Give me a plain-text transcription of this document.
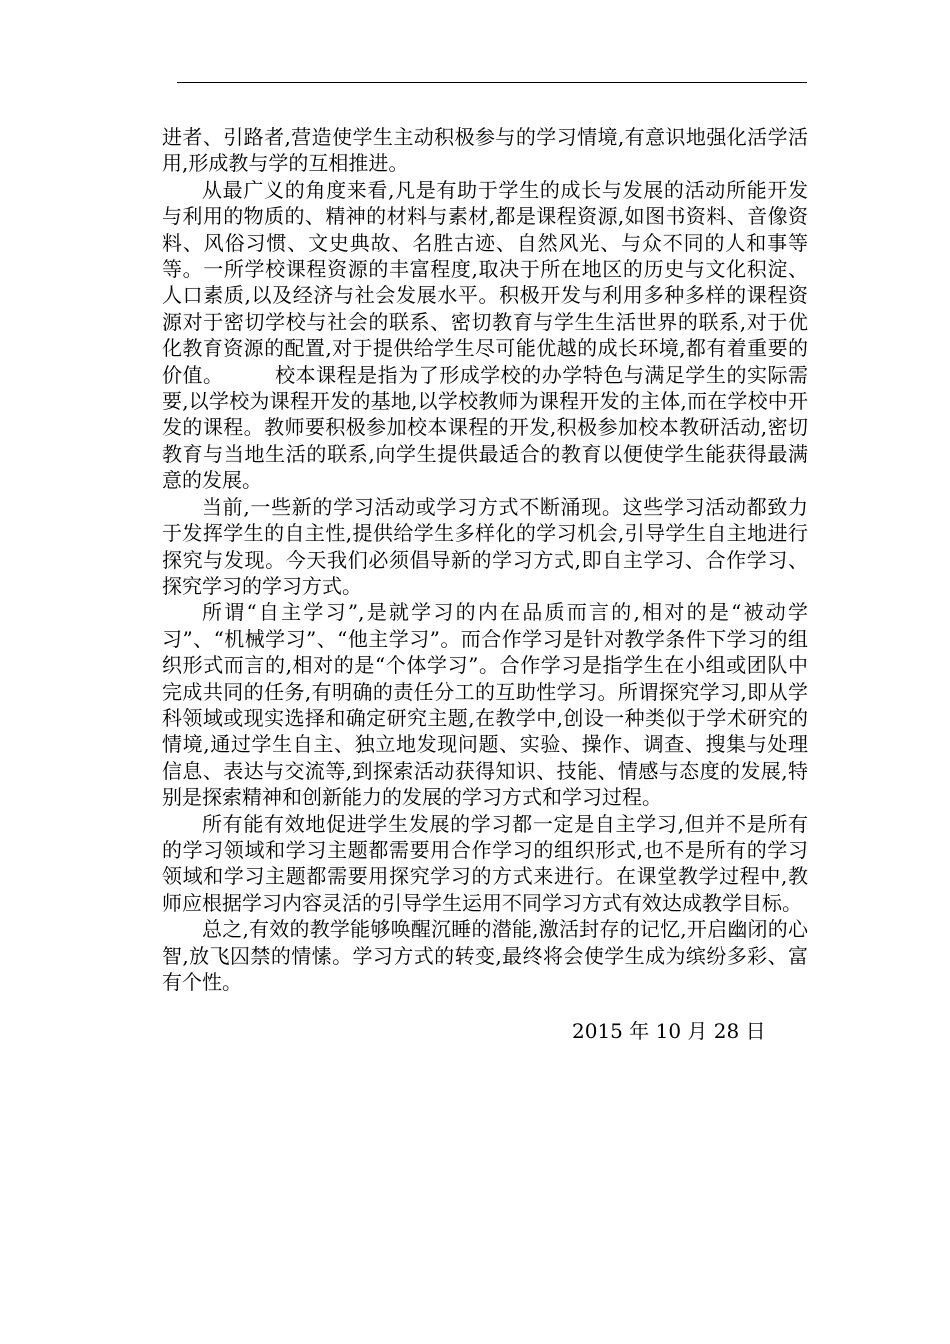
进者、引路者,营造使学生主动积极参与的学习情境,有意识地强化活学活用,形成教与学的互相推进。

从最广义的角度来看,凡是有助于学生的成长与发展的活动所能开发与利用的物质的、精神的材料与素材,都是课程资源,如图书资料、音像资料、风俗习惯、文史典故、名胜古迹、自然风光、与众不同的人和事等等。一所学校课程资源的丰富程度,取决于所在地区的历史与文化积淀、人口素质,以及经济与社会发展水平。积极开发与利用多种多样的课程资源对于密切学校与社会的联系、密切教育与学生生活世界的联系,对于优化教育资源的配置,对于提供给学生尽可能优越的成长环境,都有着重要的价值。　　　校本课程是指为了形成学校的办学特色与满足学生的实际需要,以学校为课程开发的基地,以学校教师为课程开发的主体,而在学校中开发的课程。教师要积极参加校本课程的开发,积极参加校本教研活动,密切教育与当地生活的联系,向学生提供最适合的教育以便使学生能获得最满意的发展。

当前,一些新的学习活动或学习方式不断涌现。这些学习活动都致力于发挥学生的自主性,提供给学生多样化的学习机会,引导学生自主地进行探究与发现。今天我们必须倡导新的学习方式,即自主学习、合作学习、探究学习的学习方式。

所谓“自主学习”,是就学习的内在品质而言的,相对的是“被动学习”、“机械学习”、“他主学习”。而合作学习是针对教学条件下学习的组织形式而言的,相对的是“个体学习”。合作学习是指学生在小组或团队中完成共同的任务,有明确的责任分工的互助性学习。所谓探究学习,即从学科领域或现实选择和确定研究主题,在教学中,创设一种类似于学术研究的情境,通过学生自主、独立地发现问题、实验、操作、调查、搜集与处理信息、表达与交流等,到探索活动获得知识、技能、情感与态度的发展,特别是探索精神和创新能力的发展的学习方式和学习过程。

所有能有效地促进学生发展的学习都一定是自主学习,但并不是所有的学习领域和学习主题都需要用合作学习的组织形式,也不是所有的学习领域和学习主题都需要用探究学习的方式来进行。在课堂教学过程中,教师应根据学习内容灵活的引导学生运用不同学习方式有效达成教学目标。

总之,有效的教学能够唤醒沉睡的潜能,激活封存的记忆,开启幽闭的心智,放飞囚禁的情愫。学习方式的转变,最终将会使学生成为缤纷多彩、富有个性。

2015 年 10 月 28 日
